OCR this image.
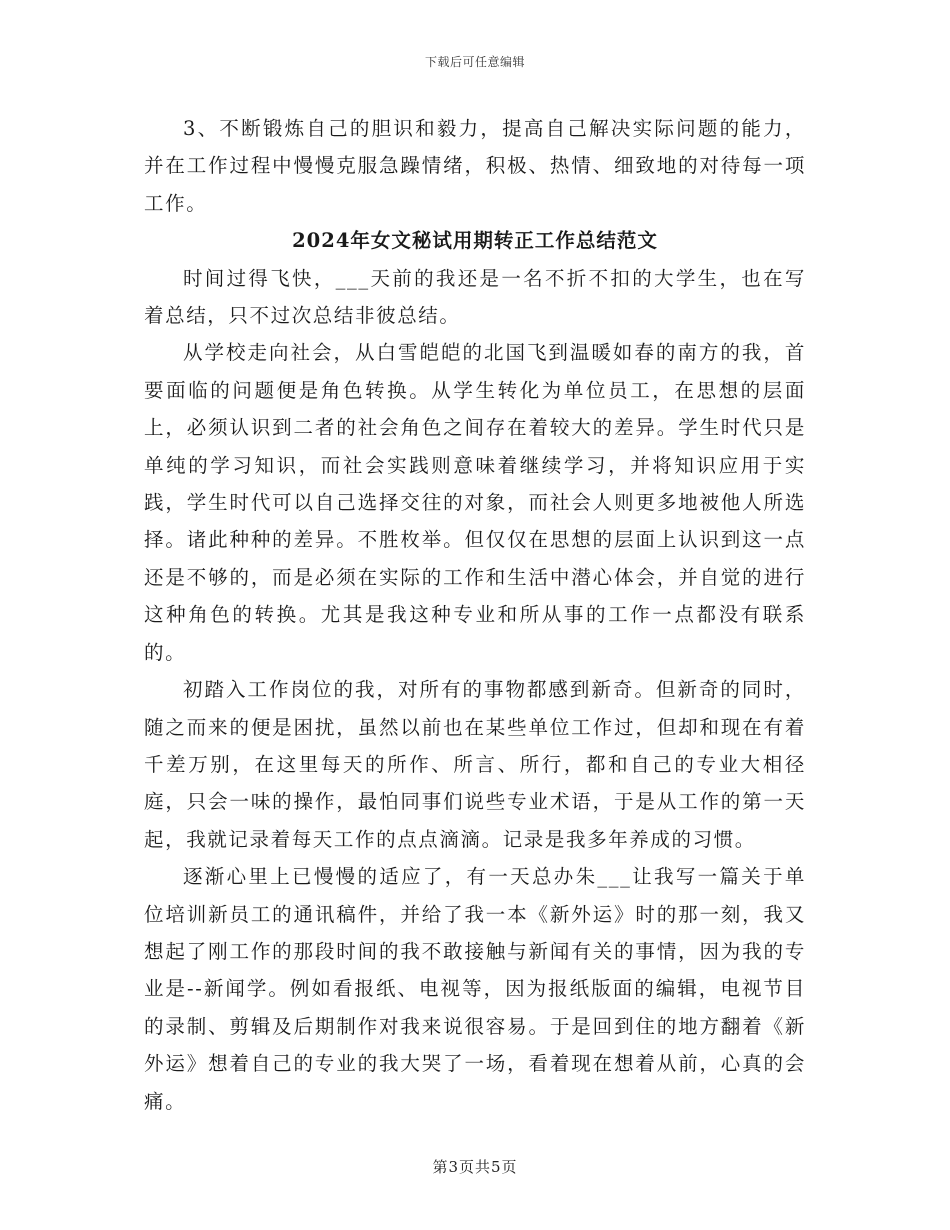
下载后可任意编辑

3、不断锻炼自己的胆识和毅力，提高自己解决实际问题的能力，并在工作过程中慢慢克服急躁情绪，积极、热情、细致地的对待每一项工作。

2024年女文秘试用期转正工作总结范文

时间过得飞快，___天前的我还是一名不折不扣的大学生，也在写着总结，只不过次总结非彼总结。

从学校走向社会，从白雪皑皑的北国飞到温暖如春的南方的我，首要面临的问题便是角色转换。从学生转化为单位员工，在思想的层面上，必须认识到二者的社会角色之间存在着较大的差异。学生时代只是单纯的学习知识，而社会实践则意味着继续学习，并将知识应用于实践，学生时代可以自己选择交往的对象，而社会人则更多地被他人所选择。诸此种种的差异。不胜枚举。但仅仅在思想的层面上认识到这一点还是不够的，而是必须在实际的工作和生活中潜心体会，并自觉的进行这种角色的转换。尤其是我这种专业和所从事的工作一点都没有联系的。

初踏入工作岗位的我，对所有的事物都感到新奇。但新奇的同时，随之而来的便是困扰，虽然以前也在某些单位工作过，但却和现在有着千差万别，在这里每天的所作、所言、所行，都和自己的专业大相径庭，只会一味的操作，最怕同事们说些专业术语，于是从工作的第一天起，我就记录着每天工作的点点滴滴。记录是我多年养成的习惯。

逐渐心里上已慢慢的适应了，有一天总办朱___让我写一篇关于单位培训新员工的通讯稿件，并给了我一本《新外运》时的那一刻，我又想起了刚工作的那段时间的我不敢接触与新闻有关的事情，因为我的专业是--新闻学。例如看报纸、电视等，因为报纸版面的编辑，电视节目的录制、剪辑及后期制作对我来说很容易。于是回到住的地方翻着《新外运》想着自己的专业的我大哭了一场，看着现在想着从前，心真的会痛。

第3页共5页
